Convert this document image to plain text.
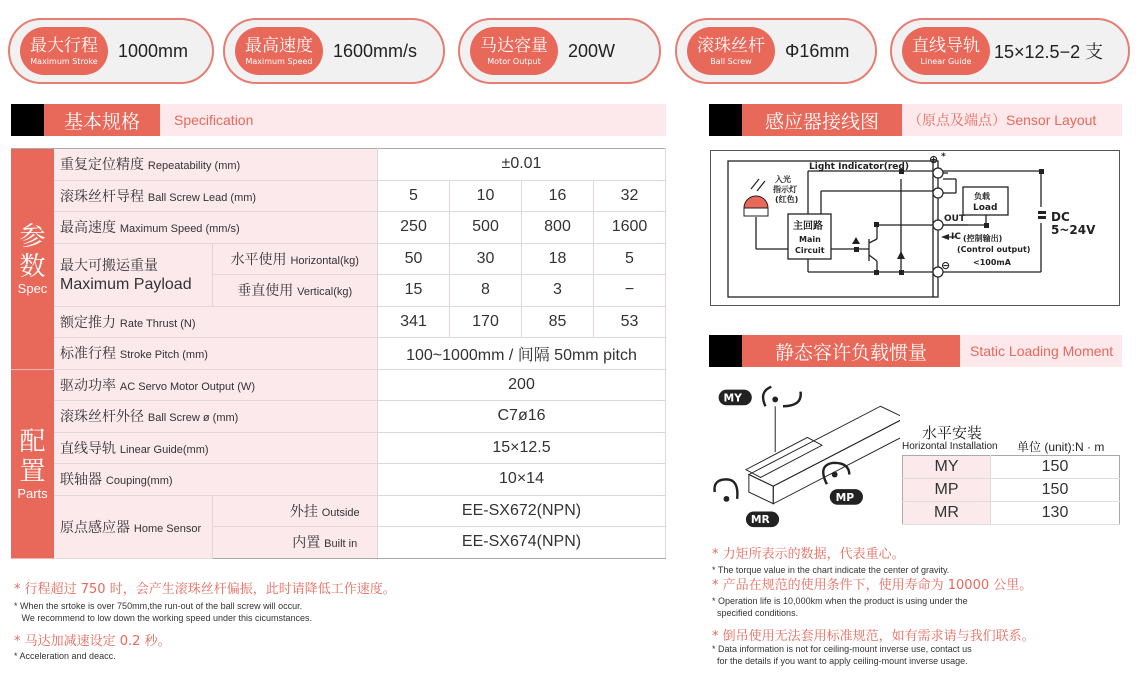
最大行程
Maximum Stroke
1000mm	最高速度
Maximum Speed
1600mm/s	马达容量
Motor Output
200W	滚珠丝杆
Ball Screw
Φ16mm	直线导轨
Linear Guide 15×12.5−2 支
基本规格	Specification
参
数
Spec	重复定位精度 Repeatability (mm)		±0.01			
	滚珠丝杆导程 Ball Screw Lead (mm)		5	10	16	32
	最高速度 Maximum Speed (mm/s)		250	500	800	1600
	最大可搬运重量
Maximum Payload	水平使用 Horizontal(kg)	50	30	18	5
		垂直使用 Vertical(kg)	15	8	3	−
	额定推力 Rate Thrust (N)		341	170	85	53
	标准行程 Stroke Pitch (mm)		100~1000mm / 间隔 50mm pitch			

配
置
Parts	驱动功率 AC Servo Motor Output (W)		200			
	滚珠丝杆外径 Ball Screw ø (mm)		C7ø16			
	直线导轨 Linear Guide(mm)		15×12.5			
	联轴器 Couping(mm)		10×14			
	原点感应器 Home Sensor	外挂 Outside	EE-SX672(NPN)			
		内置 Built in	EE-SX674(NPN)			
* 行程超过 750 时，会产生滚珠丝杆偏振，此时请降低工作速度。
* When the srtoke is over 750mm,the run-out of the ball screw will occur.
We recommend to low down the working speed under this cicumstances.
* 马达加减速设定 0.2 秒。
* Acceleration and deacc.
感应器接线图	（原点及端点）Sensor Layout
Light Indicator(red)
入光
指示灯
(红色)
主回路
Main
Circuit
OUT
IC
负载
Load
(控制输出)
(Control output)
<100mA
DC
5~24V
⊕ *
⊖
静态容许负载惯量	Static Loading Moment
MY
MP
MR
水平安装
Horizontal Installation 单位 (unit):N · m
MY	150
MP	150
MR	130
* 力矩所表示的数据，代表重心。
* The torque value in the chart indicate the center of gravity.
* 产品在规范的使用条件下，使用寿命为 10000 公里。
* Operation life is 10,000km when the product is using under the
specified conditions.
* 倒吊使用无法套用标准规范，如有需求请与我们联系。
* Data information is not for ceiling-mount inverse use, contact us
for the details if you want to apply ceiling-mount inverse usage.
